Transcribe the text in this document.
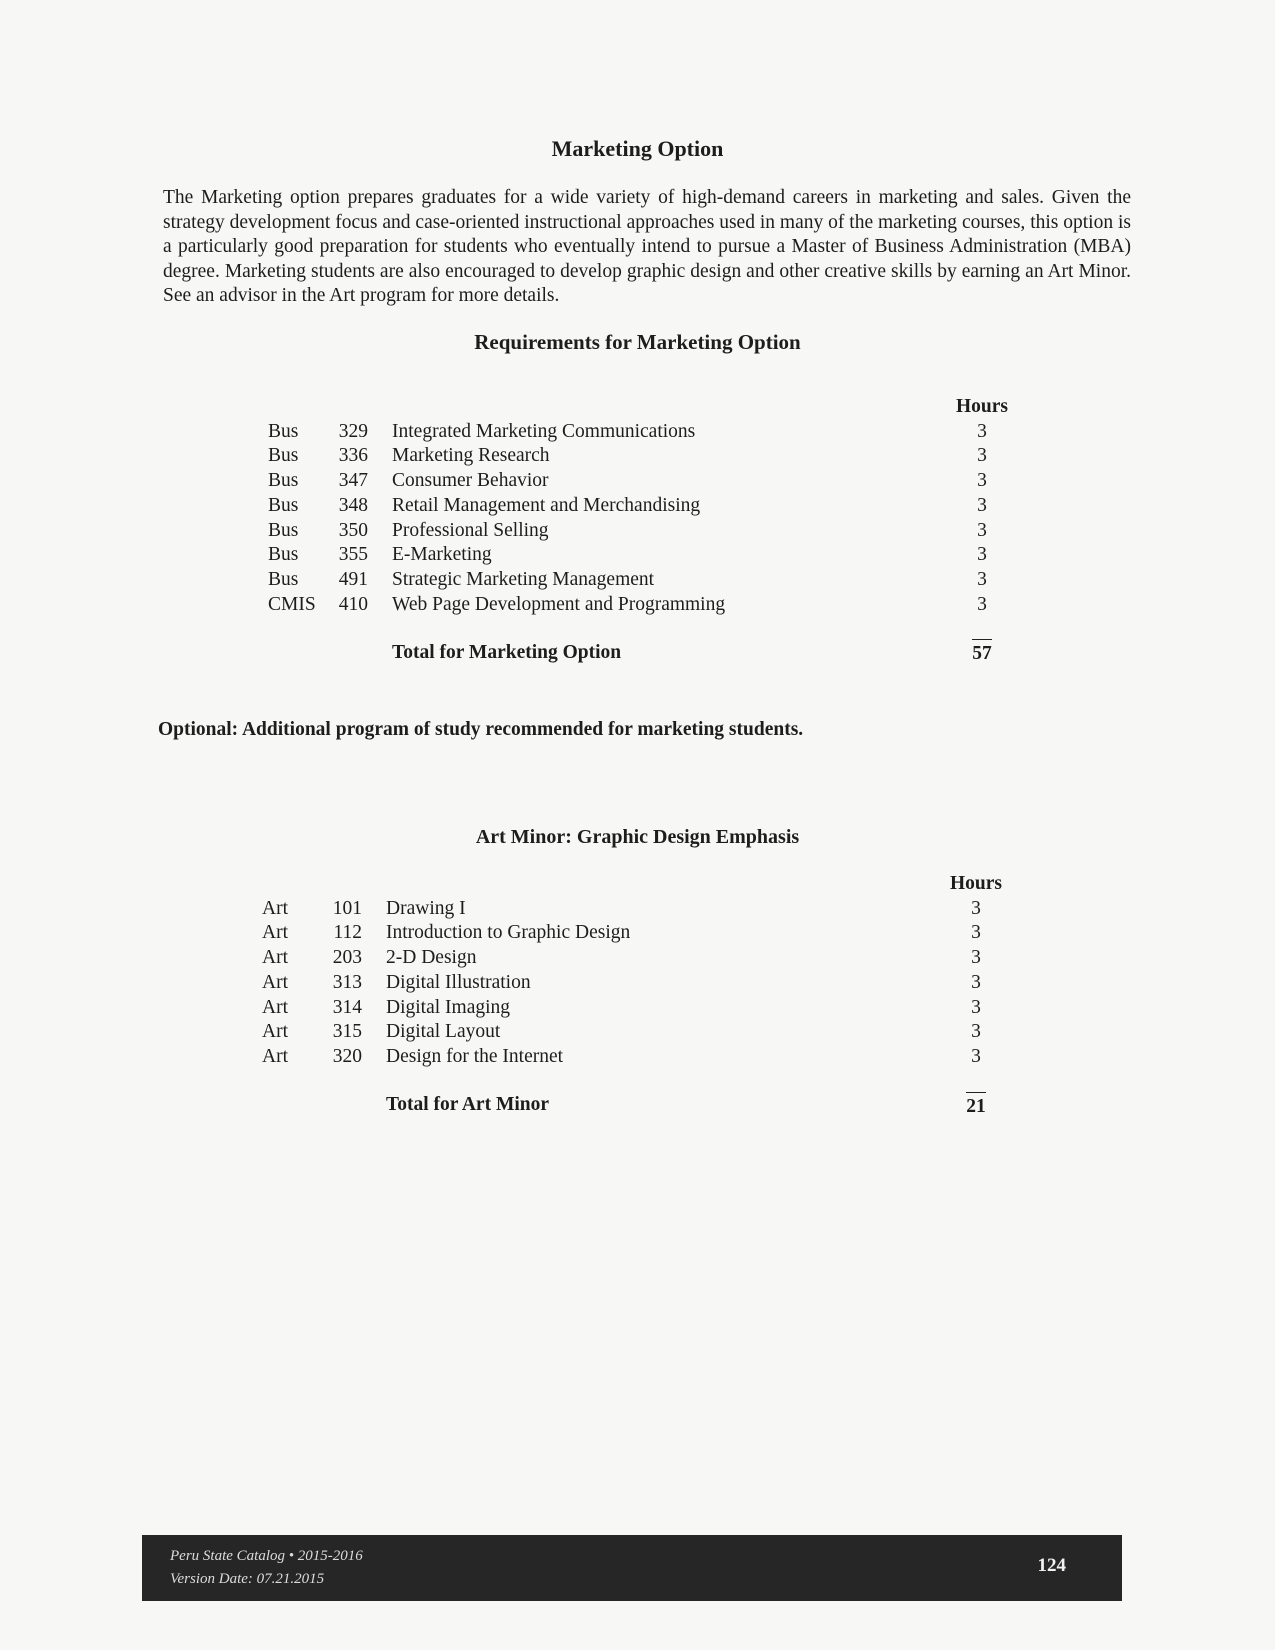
Marketing Option
The Marketing option prepares graduates for a wide variety of high-demand careers in marketing and sales. Given the strategy development focus and case-oriented instructional approaches used in many of the marketing courses, this option is a particularly good preparation for students who eventually intend to pursue a Master of Business Administration (MBA) degree. Marketing students are also encouraged to develop graphic design and other creative skills by earning an Art Minor. See an advisor in the Art program for more details.
Requirements for Marketing Option
			Hours
Bus	329	Integrated Marketing Communications	3
Bus	336	Marketing Research	3
Bus	347	Consumer Behavior	3
Bus	348	Retail Management and Merchandising	3
Bus	350	Professional Selling	3
Bus	355	E-Marketing	3
Bus	491	Strategic Marketing Management	3
CMIS	410	Web Page Development and Programming	3
		Total for Marketing Option	57
Optional: Additional program of study recommended for marketing students.
Art Minor: Graphic Design Emphasis
			Hours
Art	101	Drawing I	3
Art	112	Introduction to Graphic Design	3
Art	203	2-D Design	3
Art	313	Digital Illustration	3
Art	314	Digital Imaging	3
Art	315	Digital Layout	3
Art	320	Design for the Internet	3
		Total for Art Minor	21
Peru State Catalog • 2015-2016
Version Date: 07.21.2015
124
